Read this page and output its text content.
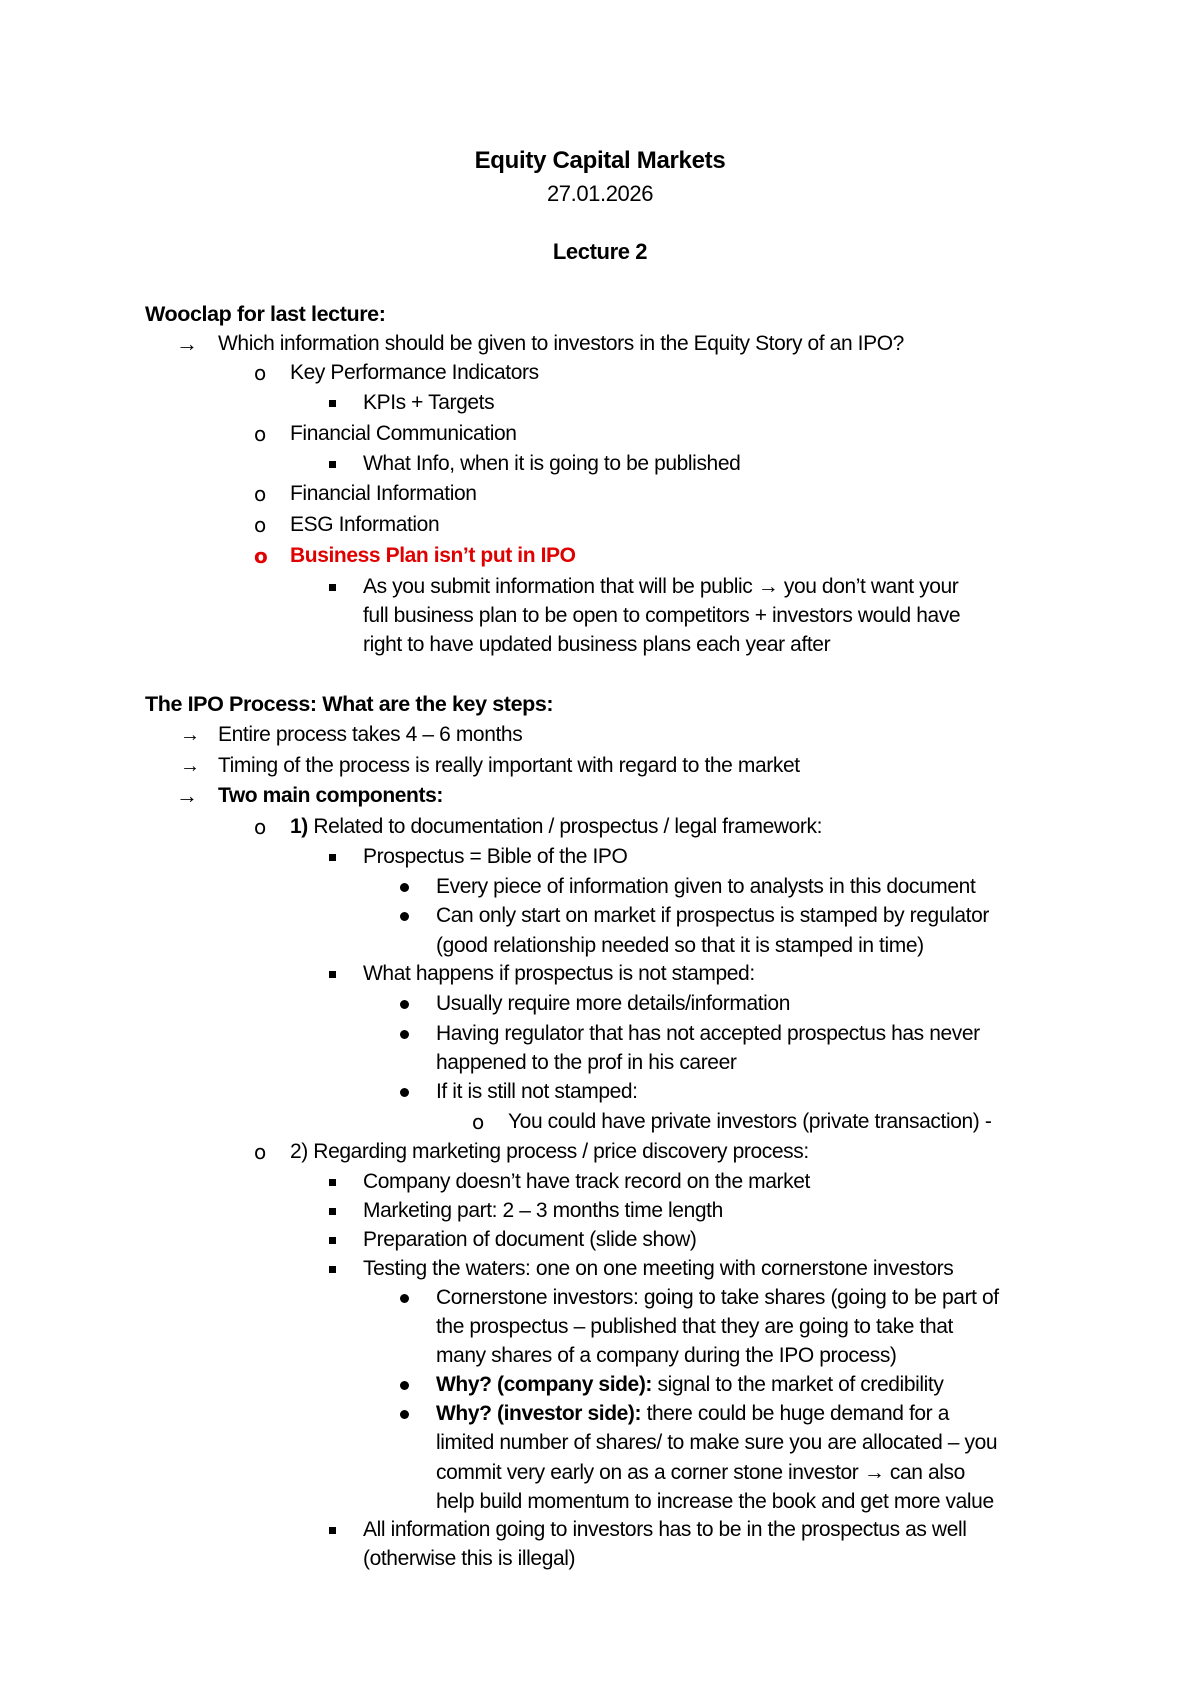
Equity Capital Markets
27.01.2026
Lecture 2
Wooclap for last lecture:
→ Which information should be given to investors in the Equity Story of an IPO?
o Key Performance Indicators
KPIs + Targets
o Financial Communication
What Info, when it is going to be published
o Financial Information
o ESG Information
o Business Plan isn’t put in IPO
As you submit information that will be public → you don’t want your
full business plan to be open to competitors + investors would have
right to have updated business plans each year after
The IPO Process: What are the key steps:
→ Entire process takes 4 – 6 months
→ Timing of the process is really important with regard to the market
→ Two main components:
o 1) Related to documentation / prospectus / legal framework:
Prospectus = Bible of the IPO
Every piece of information given to analysts in this document
Can only start on market if prospectus is stamped by regulator
(good relationship needed so that it is stamped in time)
What happens if prospectus is not stamped:
Usually require more details/information
Having regulator that has not accepted prospectus has never
happened to the prof in his career
If it is still not stamped:
o You could have private investors (private transaction) -
o 2) Regarding marketing process / price discovery process:
Company doesn’t have track record on the market
Marketing part: 2 – 3 months time length
Preparation of document (slide show)
Testing the waters: one on one meeting with cornerstone investors
Cornerstone investors: going to take shares (going to be part of
the prospectus – published that they are going to take that
many shares of a company during the IPO process)
Why? (company side): signal to the market of credibility
Why? (investor side): there could be huge demand for a
limited number of shares/ to make sure you are allocated – you
commit very early on as a corner stone investor → can also
help build momentum to increase the book and get more value
All information going to investors has to be in the prospectus as well
(otherwise this is illegal)
